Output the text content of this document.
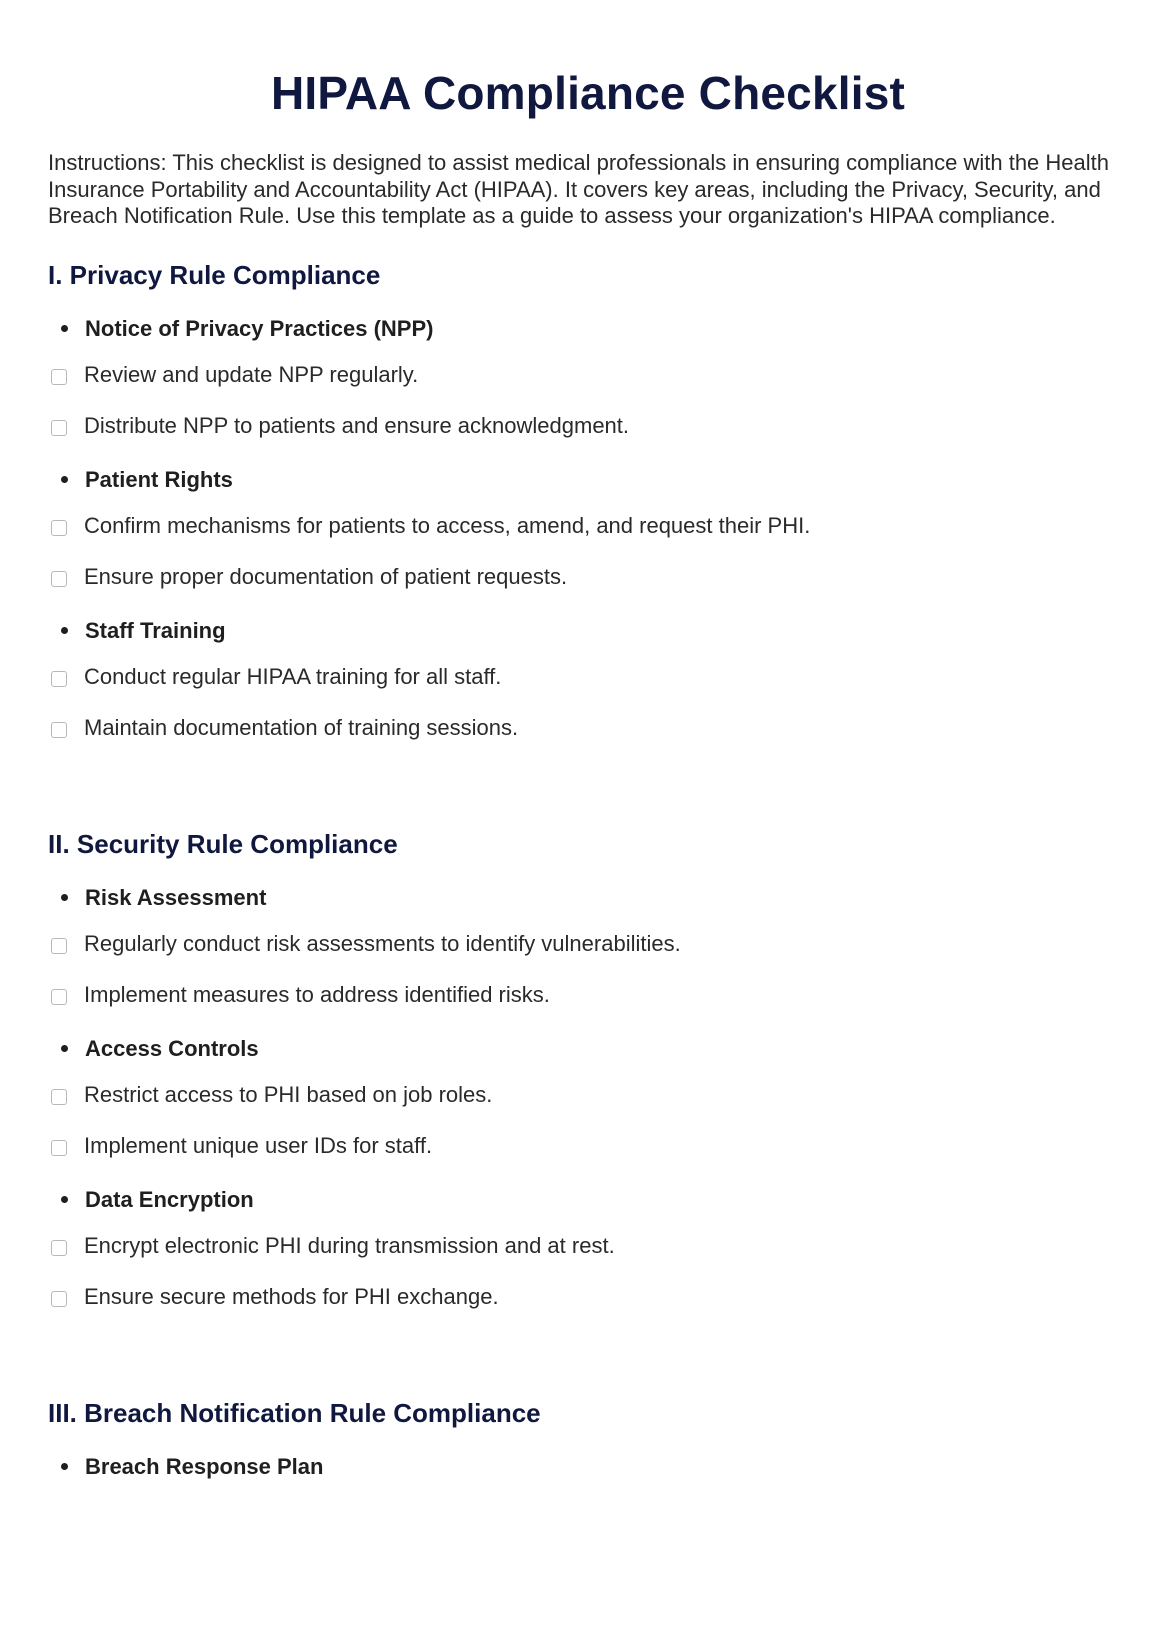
HIPAA Compliance Checklist

Instructions: This checklist is designed to assist medical professionals in ensuring compliance with the Health Insurance Portability and Accountability Act (HIPAA). It covers key areas, including the Privacy, Security, and Breach Notification Rule. Use this template as a guide to assess your organization's HIPAA compliance.

I. Privacy Rule Compliance
Notice of Privacy Practices (NPP)
Review and update NPP regularly.
Distribute NPP to patients and ensure acknowledgment.
Patient Rights
Confirm mechanisms for patients to access, amend, and request their PHI.
Ensure proper documentation of patient requests.
Staff Training
Conduct regular HIPAA training for all staff.
Maintain documentation of training sessions.
II. Security Rule Compliance
Risk Assessment
Regularly conduct risk assessments to identify vulnerabilities.
Implement measures to address identified risks.
Access Controls
Restrict access to PHI based on job roles.
Implement unique user IDs for staff.
Data Encryption
Encrypt electronic PHI during transmission and at rest.
Ensure secure methods for PHI exchange.
III. Breach Notification Rule Compliance
Breach Response Plan
